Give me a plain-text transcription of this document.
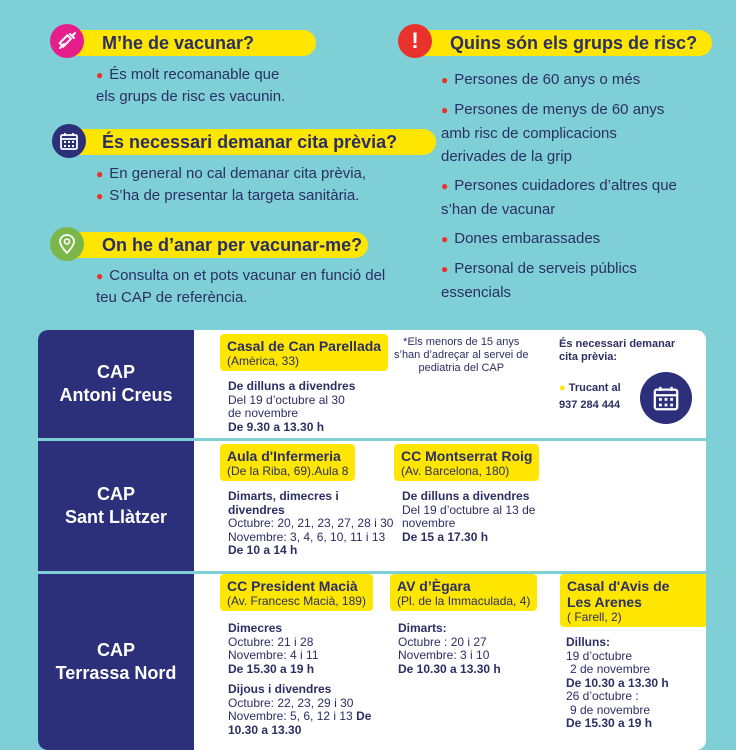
M’he de vacunar?
● És molt recomanable que
els grups de risc es vacunin.
És necessari demanar cita prèvia?
● En general no cal demanar cita prèvia,
● S’ha de presentar la targeta sanitària.
On he d’anar per vacunar-me?
● Consulta on et pots vacunar en funció del
teu CAP de referència.
!	Quins són els grups de risc?
● Persones de 60 anys o més
● Persones de menys de 60 anys
amb risc de complicacions
derivades de la grip
● Persones cuidadores d’altres que
s’han de vacunar
● Dones embarassades
● Personal de serveis públics
essencials
CAP
Antoni Creus
Casal de Can Parellada
(Amèrica, 33)
De dilluns a divendres
Del 19 d’octubre al 30
de novembre
De 9.30 a 13.30 h
*Els menors de 15 anys
s’han d’adreçar al servei de
pediatria del CAP
És necessari demanar
cita prèvia:
● Trucant al
937 284 444
CAP
Sant Llàtzer
Aula d'Infermeria
(De la Riba, 69).Aula 8
Dimarts, dimecres i
divendres
Octubre: 20, 21, 23, 27, 28 i 30
Novembre: 3, 4, 6, 10, 11 i 13
De 10 a 14 h
CC Montserrat Roig
(Av. Barcelona, 180)
De dilluns a divendres
Del 19 d’octubre al 13 de
novembre
De 15 a 17.30 h
CAP
Terrassa Nord
CC President Macià
(Av. Francesc Macià, 189)
Dimecres
Octubre: 21 i 28
Novembre: 4 i 11
De 15.30 a 19 h
Dijous i divendres
Octubre: 22, 23, 29 i 30
Novembre: 5, 6, 12 i 13 De
10.30 a 13.30
AV d’Ègara
(Pl. de la Immaculada, 4)
Dimarts:
Octubre : 20 i 27
Novembre: 3 i 10
De 10.30 a 13.30 h
Casal d'Avis de
Les Arenes
( Farell, 2)
Dilluns:
19 d’octubre
2 de novembre
De 10.30 a 13.30 h
26 d’octubre :
9 de novembre
De 15.30 a 19 h
